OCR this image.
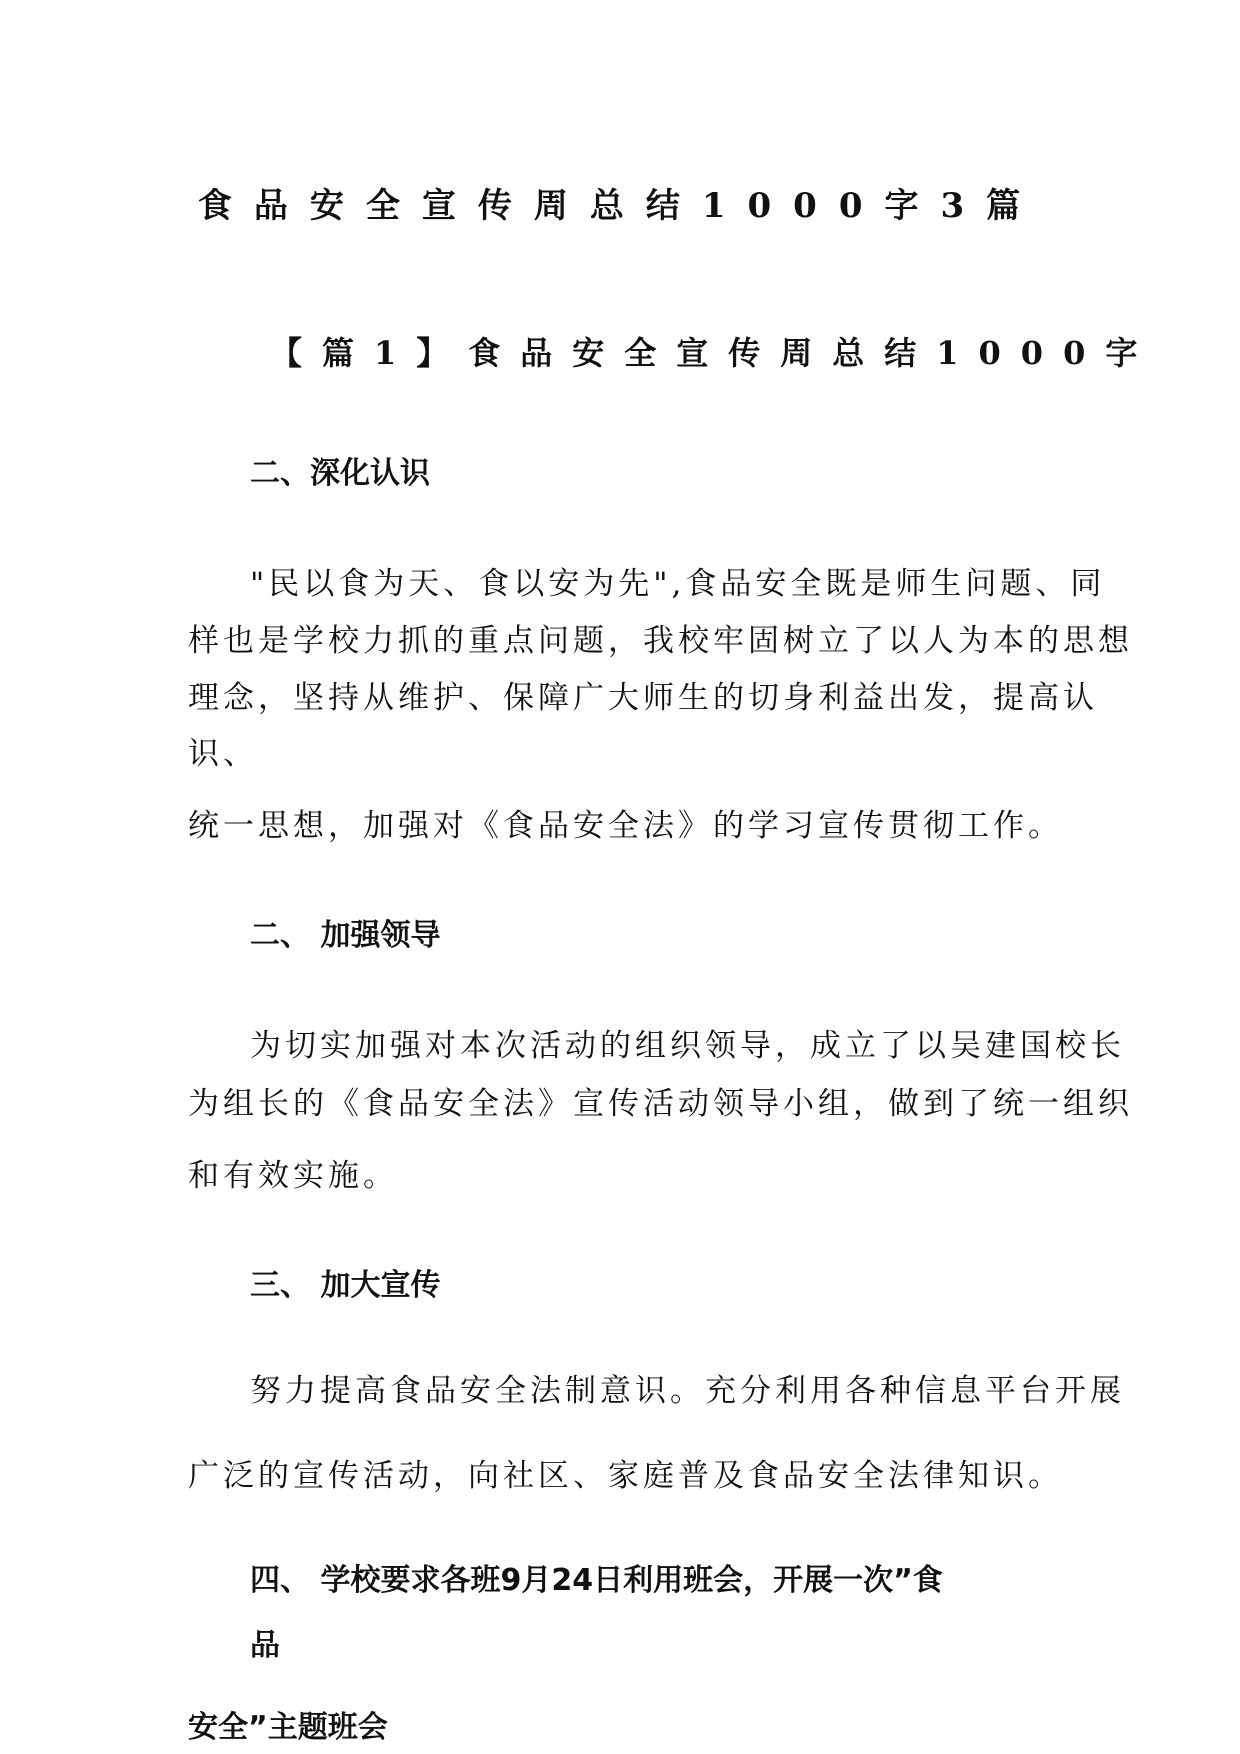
食品安全宣传周总结1000字3篇
【篇1】食品安全宣传周总结1000字
二、深化认识
"民以食为天、食以安为先",食品安全既是师生问题、同
样也是学校力抓的重点问题，我校牢固树立了以人为本的思想
理念，坚持从维护、保障广大师生的切身利益出发，提高认
识、
统一思想，加强对《食品安全法》的学习宣传贯彻工作。
二、 加强领导
为切实加强对本次活动的组织领导，成立了以吴建国校长
为组长的《食品安全法》宣传活动领导小组，做到了统一组织
和有效实施。
三、 加大宣传
努力提高食品安全法制意识。充分利用各种信息平台开展
广泛的宣传活动，向社区、家庭普及食品安全法律知识。
四、 学校要求各班9月24日利用班会，开展一次”食
品
安全”主题班会
